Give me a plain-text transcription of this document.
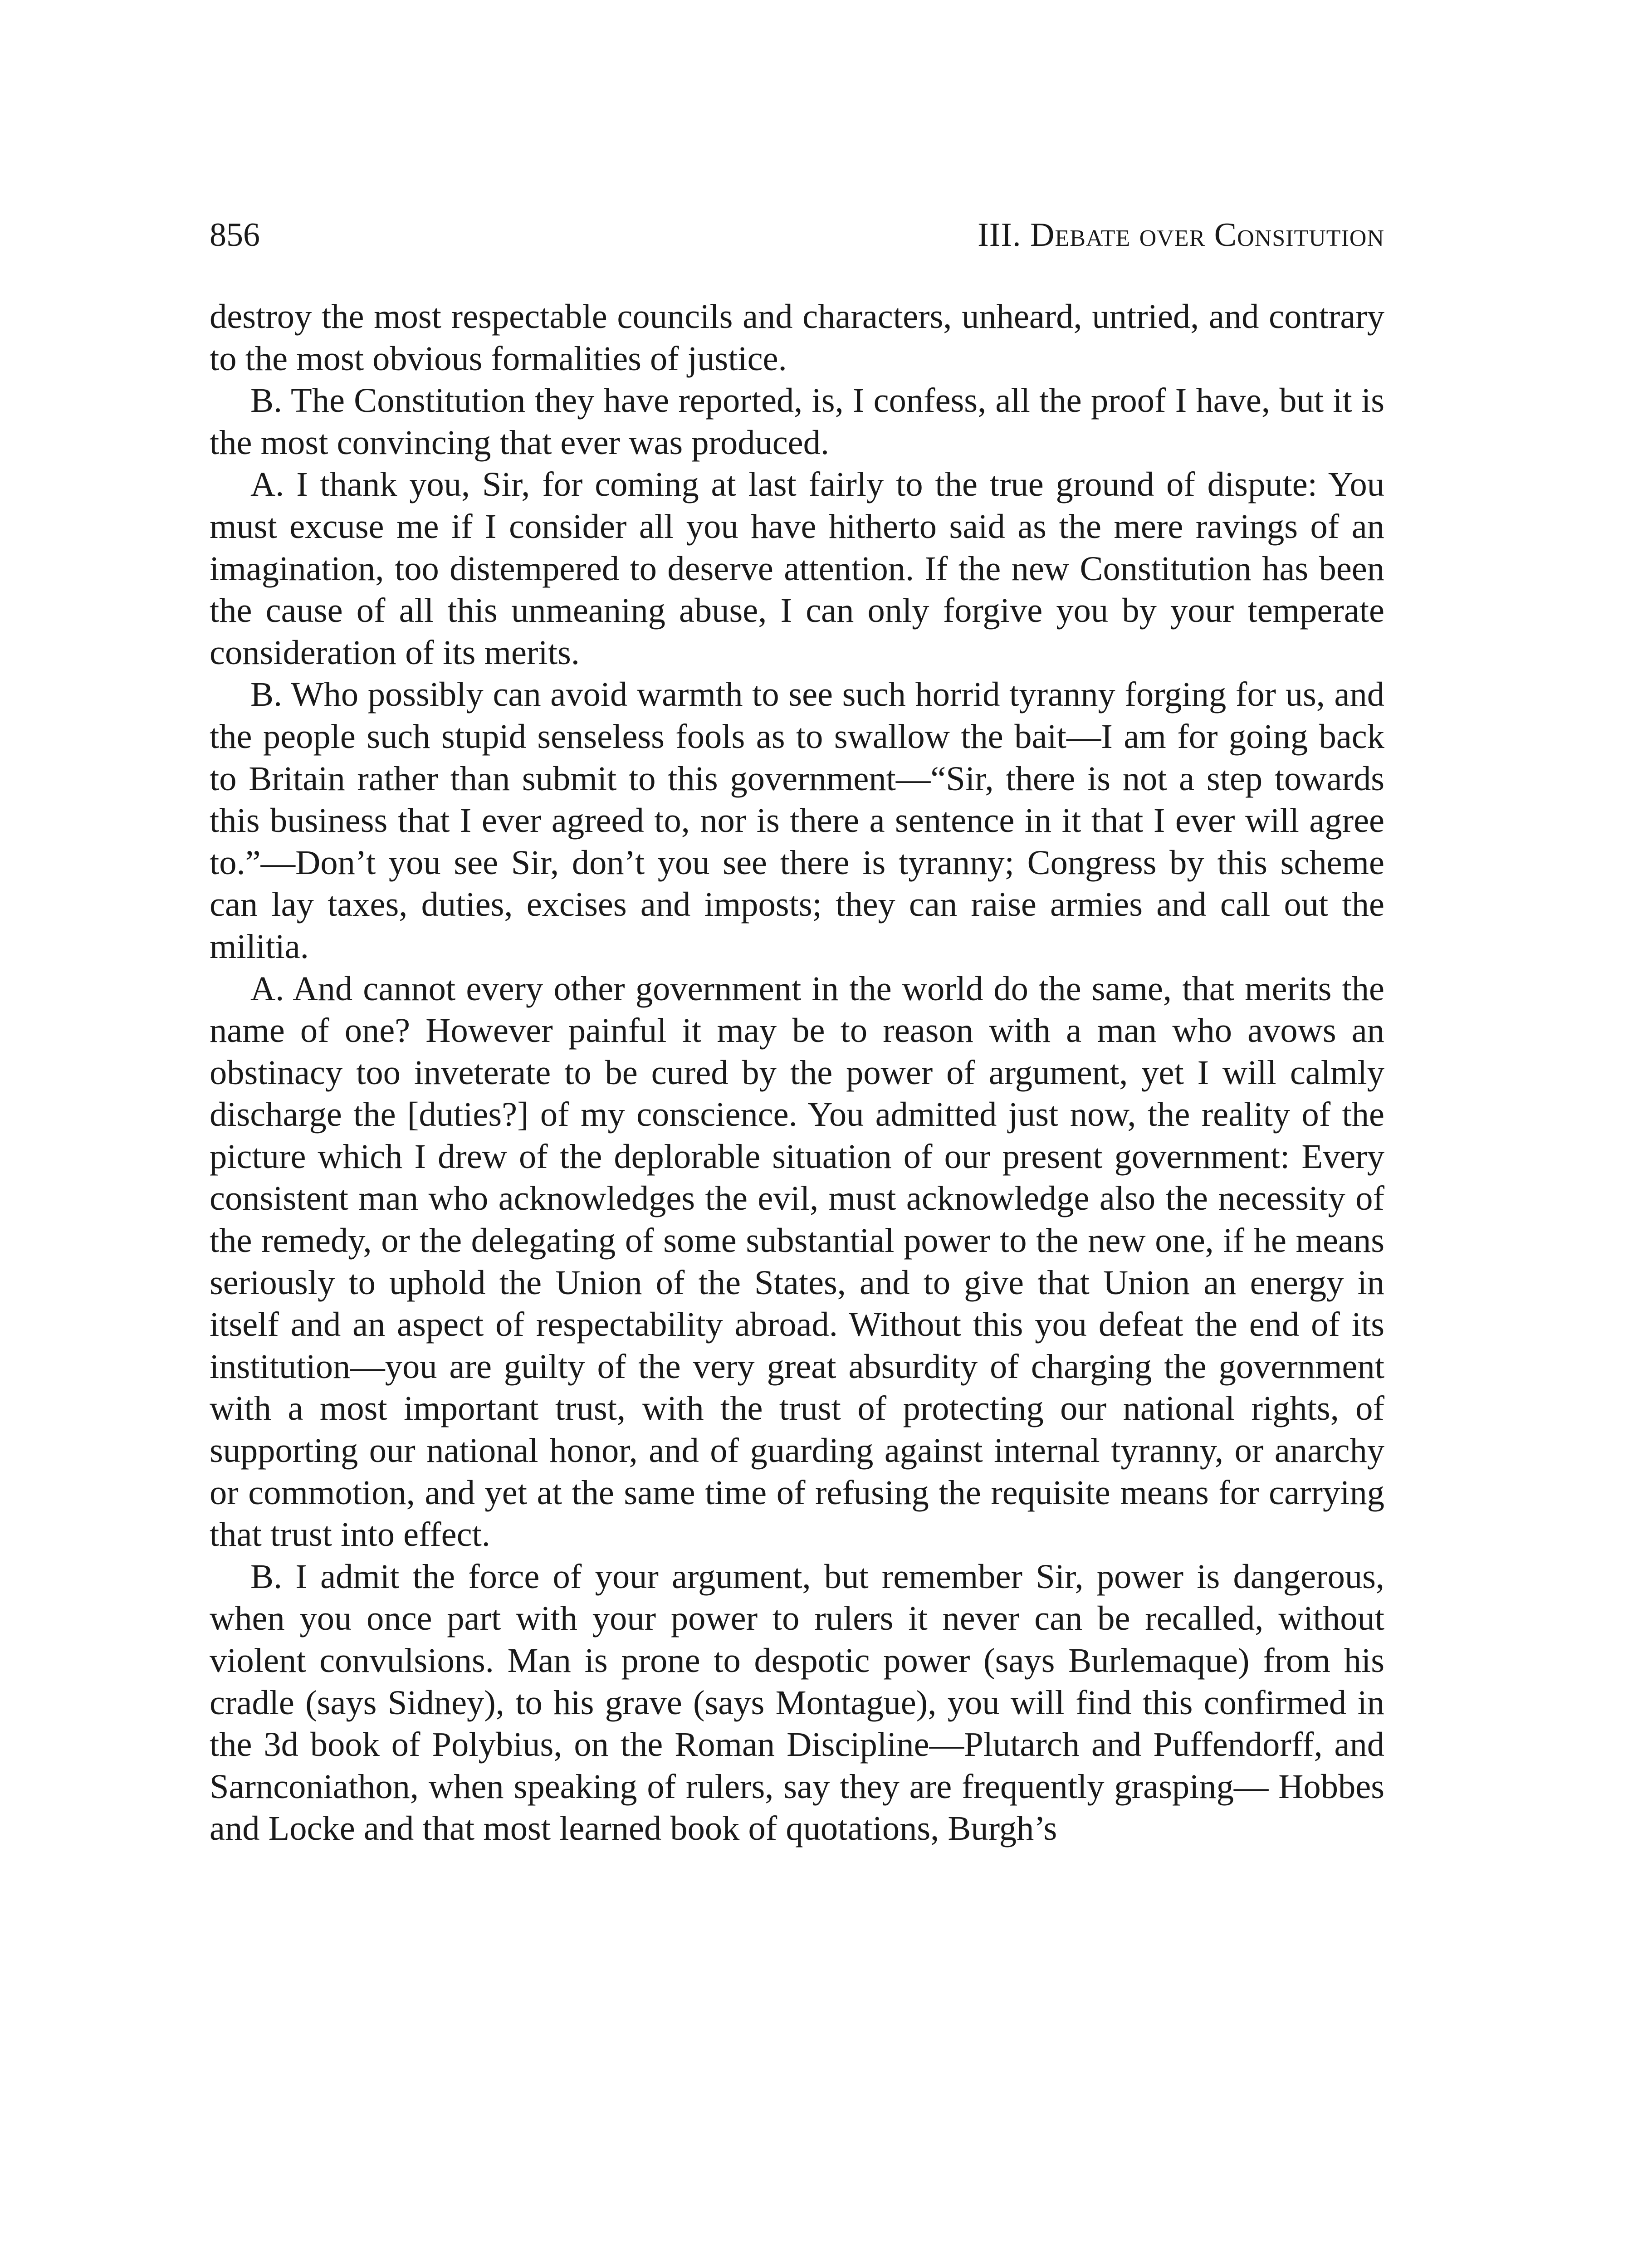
856	III. Debate over Consitution

destroy the most respectable councils and characters, unheard, untried, and contrary to the most obvious formalities of justice.

B. The Constitution they have reported, is, I confess, all the proof I have, but it is the most convincing that ever was produced.

A. I thank you, Sir, for coming at last fairly to the true ground of dispute: You must excuse me if I consider all you have hitherto said as the mere ravings of an imagination, too distempered to deserve attention. If the new Constitution has been the cause of all this unmeaning abuse, I can only forgive you by your temperate consideration of its merits.

B. Who possibly can avoid warmth to see such horrid tyranny forging for us, and the people such stupid senseless fools as to swallow the bait—I am for going back to Britain rather than submit to this government—“Sir, there is not a step towards this business that I ever agreed to, nor is there a sentence in it that I ever will agree to.”—Don’t you see Sir, don’t you see there is tyranny; Congress by this scheme can lay taxes, duties, excises and imposts; they can raise armies and call out the militia.

A. And cannot every other government in the world do the same, that merits the name of one? However painful it may be to reason with a man who avows an obstinacy too inveterate to be cured by the power of argument, yet I will calmly discharge the [duties?] of my conscience. You admitted just now, the reality of the picture which I drew of the deplorable situation of our present government: Every consistent man who acknowledges the evil, must acknowledge also the necessity of the remedy, or the delegating of some substantial power to the new one, if he means seriously to uphold the Union of the States, and to give that Union an energy in itself and an aspect of respectability abroad. Without this you defeat the end of its institution—you are guilty of the very great absurdity of charging the government with a most important trust, with the trust of protecting our national rights, of supporting our national honor, and of guarding against internal tyranny, or anarchy or commotion, and yet at the same time of refusing the requisite means for carrying that trust into effect.

B. I admit the force of your argument, but remember Sir, power is dangerous, when you once part with your power to rulers it never can be recalled, without violent convulsions. Man is prone to despotic power (says Burlemaque) from his cradle (says Sidney), to his grave (says Montague), you will find this confirmed in the 3d book of Polybius, on the Roman Discipline—Plutarch and Puffendorff, and Sarnconiathon, when speaking of rulers, say they are frequently grasping— Hobbes and Locke and that most learned book of quotations, Burgh’s
